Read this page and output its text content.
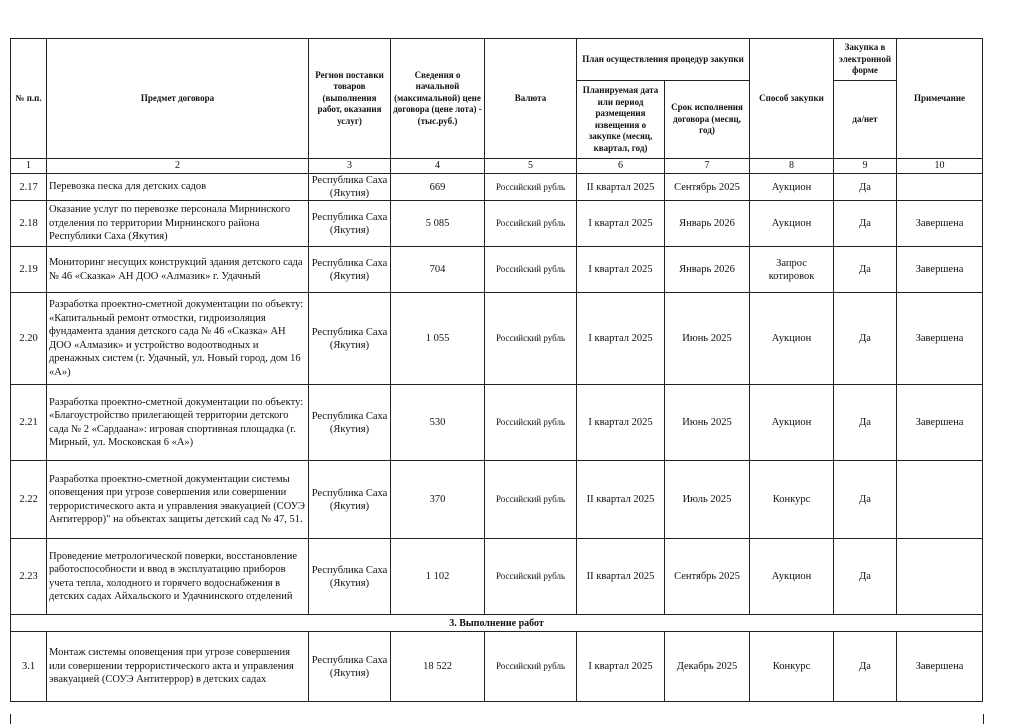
№ п.п.	Предмет договора	Регион поставки товаров (выполнения работ, оказания услуг)	Сведения о начальной (максимальной) цене договора (цене лота) - (тыс.руб.)	Валюта	План осуществления процедур закупки		Способ закупки	Закупка в электронной форме	Примечание
					Планируемая дата или период размещения извещения о закупке (месяц, квартал, год)	Срок исполнения договора (месяц, год)		да/нет	
1	2	3	4	5	6	7	8	9	10
2.17	Перевозка песка для детских садов	Республика Саха (Якутия)	669	Российский рубль	II квартал 2025	Сентябрь 2025	Аукцион	Да	
2.18	Оказание услуг по перевозке персонала Мирнинского отделения по территории Мирнинского района Республики Саха (Якутия)	Республика Саха (Якутия)	5 085	Российский рубль	I квартал 2025	Январь 2026	Аукцион	Да	Завершена
2.19	Мониторинг несущих конструкций здания детского сада № 46 «Сказка» АН ДОО «Алмазик» г. Удачный	Республика Саха (Якутия)	704	Российский рубль	I квартал 2025	Январь 2026	Запрос котировок	Да	Завершена
2.20	Разработка проектно-сметной документации по объекту: «Капитальный ремонт отмостки, гидроизоляция фундамента здания детского сада № 46 «Сказка» АН ДОО «Алмазик» и устройство водоотводных и дренажных систем (г. Удачный, ул. Новый город, дом 16 «А»)	Республика Саха (Якутия)	1 055	Российский рубль	I квартал 2025	Июнь 2025	Аукцион	Да	Завершена
2.21	Разработка проектно-сметной документации по объекту: «Благоустройство прилегающей территории детского сада № 2 «Сардаана»: игровая спортивная площадка (г. Мирный, ул. Московская 6 «А»)	Республика Саха (Якутия)	530	Российский рубль	I квартал 2025	Июнь 2025	Аукцион	Да	Завершена
2.22	Разработка проектно-сметной документации системы оповещения при угрозе совершения или совершении террористического акта и управления эвакуацией (СОУЭ Антитеррор)" на объектах защиты детский сад № 47, 51.	Республика Саха (Якутия)	370	Российский рубль	II квартал 2025	Июль 2025	Конкурс	Да	
2.23	Проведение метрологической поверки, восстановление работоспособности и ввод в эксплуатацию приборов учета тепла, холодного и горячего водоснабжения в детских садах Айхальского и Удачнинского отделений	Республика Саха (Якутия)	1 102	Российский рубль	II квартал 2025	Сентябрь 2025	Аукцион	Да	
3. Выполнение работ									
3.1	Монтаж системы оповещения при угрозе совершения или совершении террористического акта и управления эвакуацией (СОУЭ Антитеррор) в детских садах	Республика Саха (Якутия)	18 522	Российский рубль	I квартал 2025	Декабрь 2025	Конкурс	Да	Завершена
